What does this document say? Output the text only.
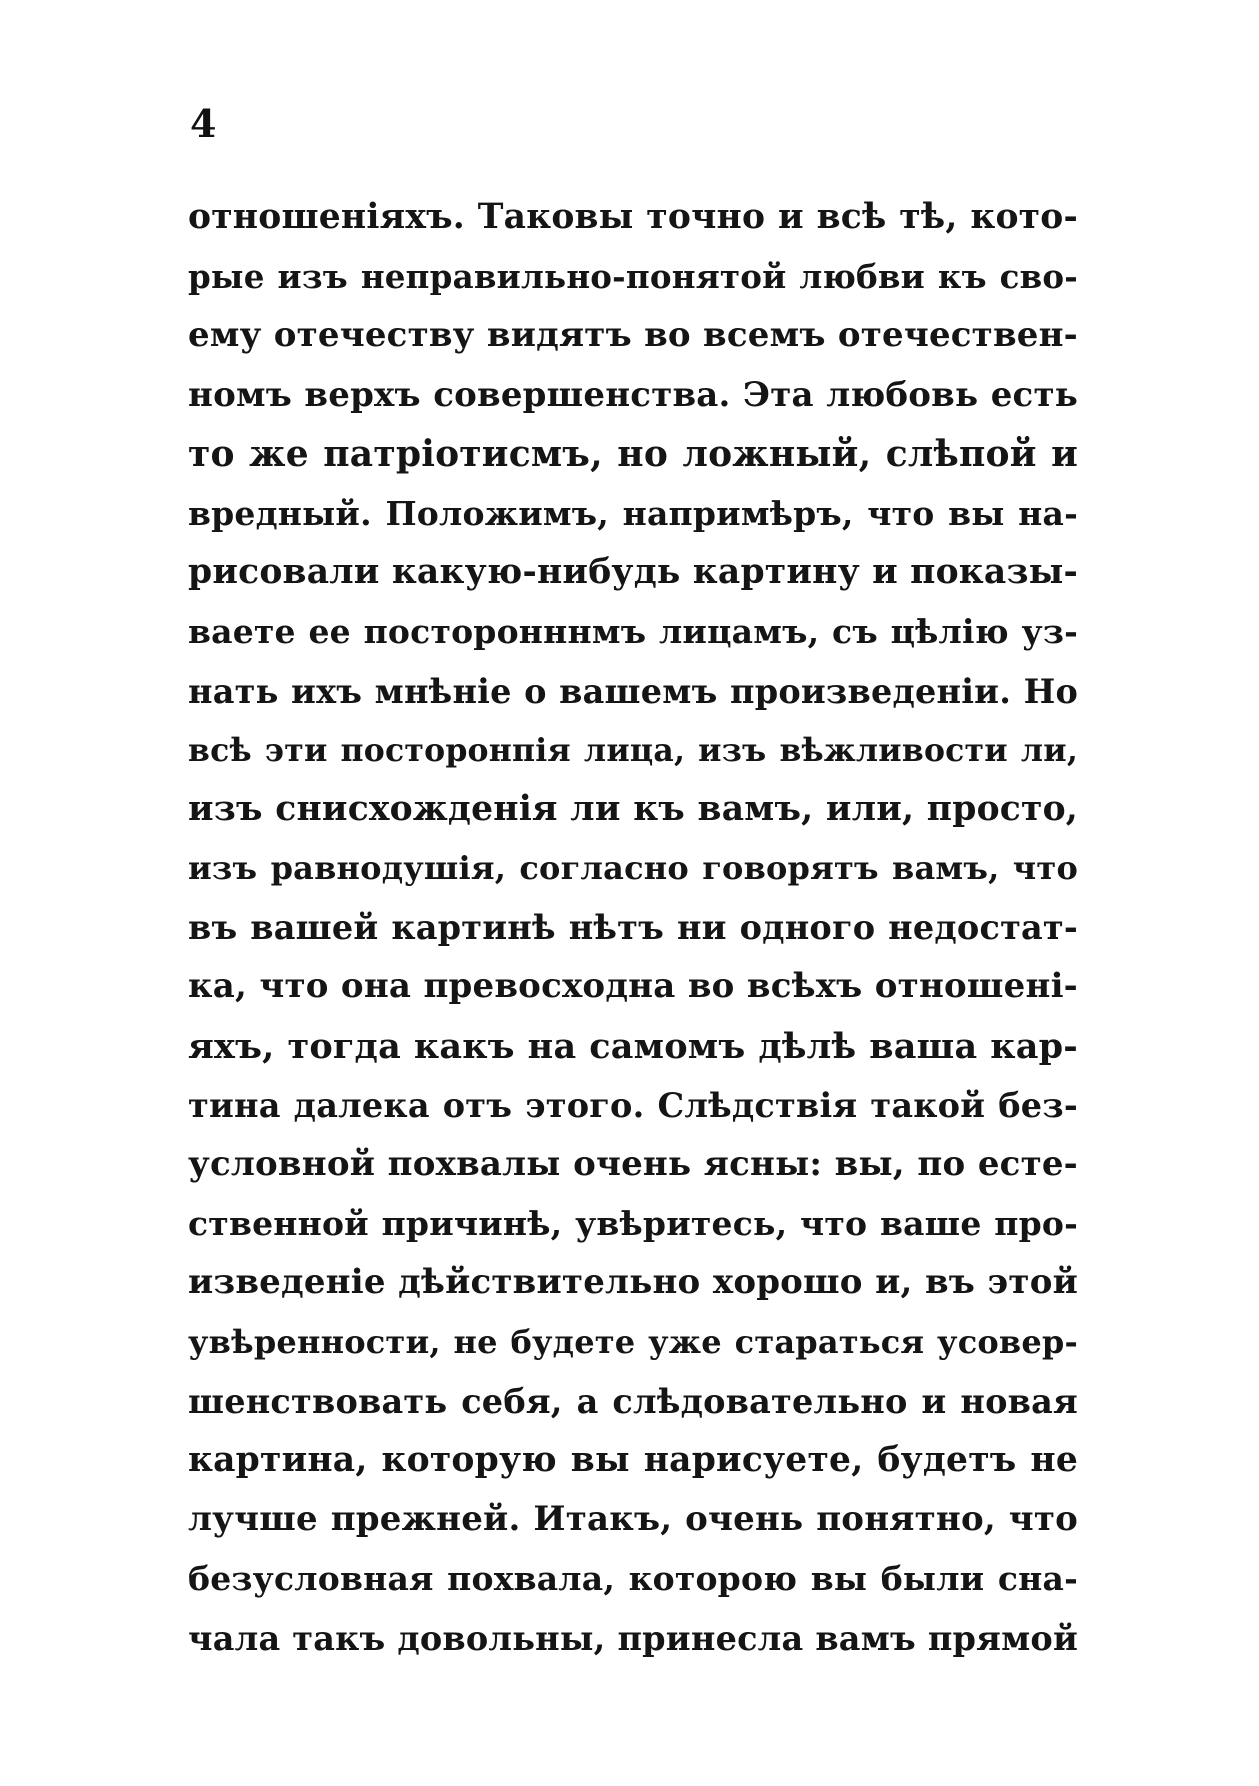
4
отношеніяхъ. Таковы точно и всѣ тѣ, кото-
рые изъ неправильно-понятой любви къ сво-
ему отечеству видятъ во всемъ отечествен-
номъ верхъ совершенства. Эта любовь есть
то же патріотисмъ, но ложный, слѣпой и
вредный. Положимъ, напримѣръ, что вы на-
рисовали какую-нибудь картину и показы-
ваете ее посторонннмъ лицамъ, съ цѣлію уз-
нать ихъ мнѣніе о вашемъ произведеніи. Но
всѣ эти посторонпія лица, изъ вѣжливости ли,
изъ снисхожденія ли къ вамъ, или, просто,
изъ равнодушія, согласно говорятъ вамъ, что
въ вашей картинѣ нѣтъ ни одного недостат-
ка, что она превосходна во всѣхъ отношені-
яхъ, тогда какъ на самомъ дѣлѣ ваша кар-
тина далека отъ этого. Слѣдствія такой без-
условной похвалы очень ясны: вы, по есте-
ственной причинѣ, увѣритесь, что ваше про-
изведеніе дѣйствительно хорошо и, въ этой
увѣренности, не будете уже стараться усовер-
шенствовать себя, а слѣдовательно и новая
картина, которую вы нарисуете, будетъ не
лучше прежней. Итакъ, очень понятно, что
безусловная похвала, которою вы были сна-
чала такъ довольны, принесла вамъ прямой
